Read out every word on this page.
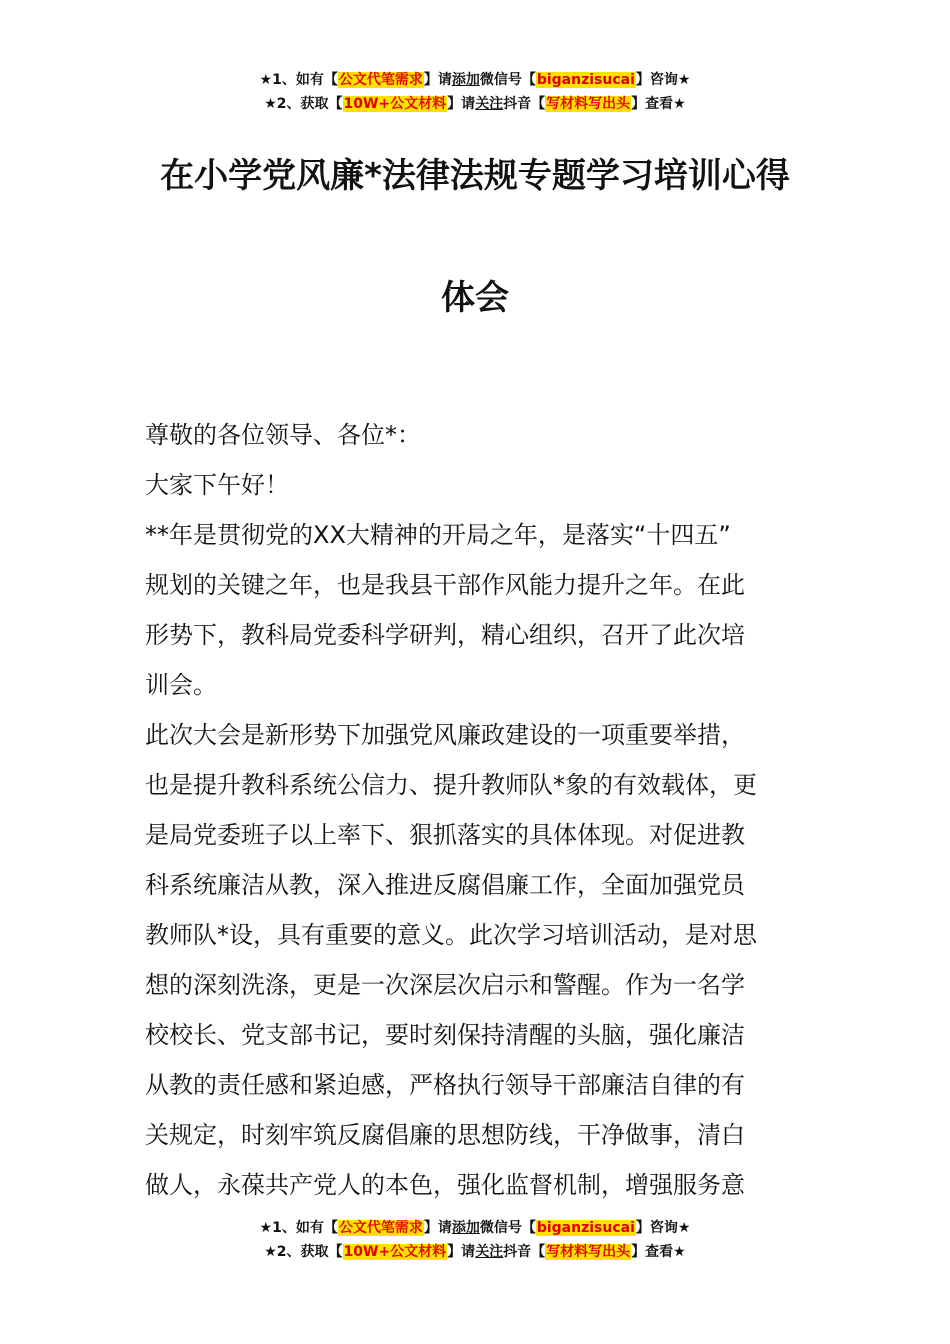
★1、如有【公文代笔需求】请添加微信号【biganzisucai】咨询★
★2、获取【10W+公文材料】请关注抖音【写材料写出头】查看★
在小学党风廉*法律法规专题学习培训心得
体会

尊敬的各位领导、各位*：

大家下午好！

**年是贯彻党的XX大精神的开局之年，是落实“十四五”

规划的关键之年，也是我县干部作风能力提升之年。在此

形势下，教科局党委科学研判，精心组织，召开了此次培

训会。

此次大会是新形势下加强党风廉政建设的一项重要举措，

也是提升教科系统公信力、提升教师队*象的有效载体，更

是局党委班子以上率下、狠抓落实的具体体现。对促进教

科系统廉洁从教，深入推进反腐倡廉工作，全面加强党员

教师队*设，具有重要的意义。此次学习培训活动，是对思

想的深刻洗涤，更是一次深层次启示和警醒。作为一名学

校校长、党支部书记，要时刻保持清醒的头脑，强化廉洁

从教的责任感和紧迫感，严格执行领导干部廉洁自律的有

关规定，时刻牢筑反腐倡廉的思想防线，干净做事，清白

做人，永葆共产党人的本色，强化监督机制，增强服务意

★1、如有【公文代笔需求】请添加微信号【biganzisucai】咨询★
★2、获取【10W+公文材料】请关注抖音【写材料写出头】查看★
